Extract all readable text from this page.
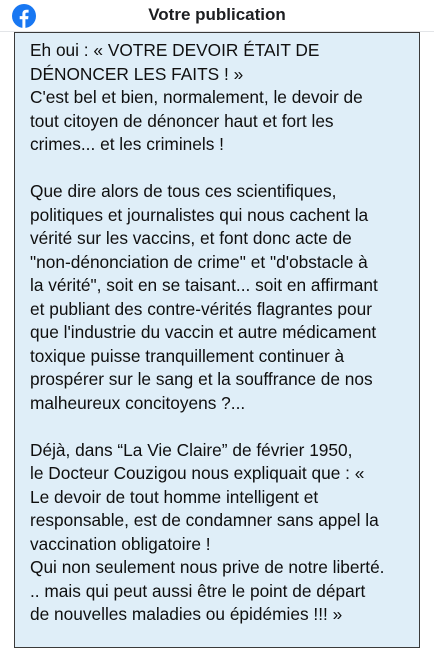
Votre publication
Eh oui : « VOTRE DEVOIR ÉTAIT DE
DÉNONCER LES FAITS ! »
C'est bel et bien, normalement, le devoir de
tout citoyen de dénoncer haut et fort les
crimes... et les criminels !
Que dire alors de tous ces scientifiques,
politiques et journalistes qui nous cachent la
vérité sur les vaccins, et font donc acte de
"non-dénonciation de crime" et "d'obstacle à
la vérité", soit en se taisant... soit en affirmant
et publiant des contre-vérités flagrantes pour
que l'industrie du vaccin et autre médicament
toxique puisse tranquillement continuer à
prospérer sur le sang et la souffrance de nos
malheureux concitoyens ?...
Déjà, dans “La Vie Claire” de février 1950,
le Docteur Couzigou nous expliquait que : «
Le devoir de tout homme intelligent et
responsable, est de condamner sans appel la
vaccination obligatoire !
Qui non seulement nous prive de notre liberté.
.. mais qui peut aussi être le point de départ
de nouvelles maladies ou épidémies !!! »
